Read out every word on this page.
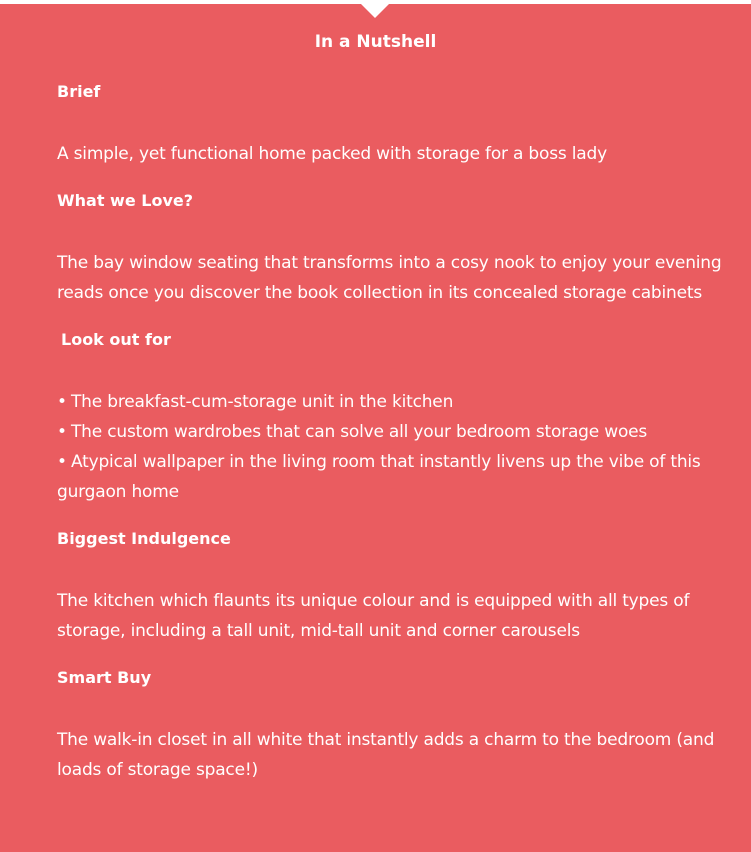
In a Nutshell
Brief

A simple, yet functional home packed with storage for a boss lady

What we Love?

The bay window seating that transforms into a cosy nook to enjoy your evening reads once you discover the book collection in its concealed storage cabinets

Look out for
• The breakfast-cum-storage unit in the kitchen
• The custom wardrobes that can solve all your bedroom storage woes
• Atypical wallpaper in the living room that instantly livens up the vibe of this gurgaon home
Biggest Indulgence

The kitchen which flaunts its unique colour and is equipped with all types of storage, including a tall unit, mid-tall unit and corner carousels

Smart Buy

The walk-in closet in all white that instantly adds a charm to the bedroom (and loads of storage space!)
